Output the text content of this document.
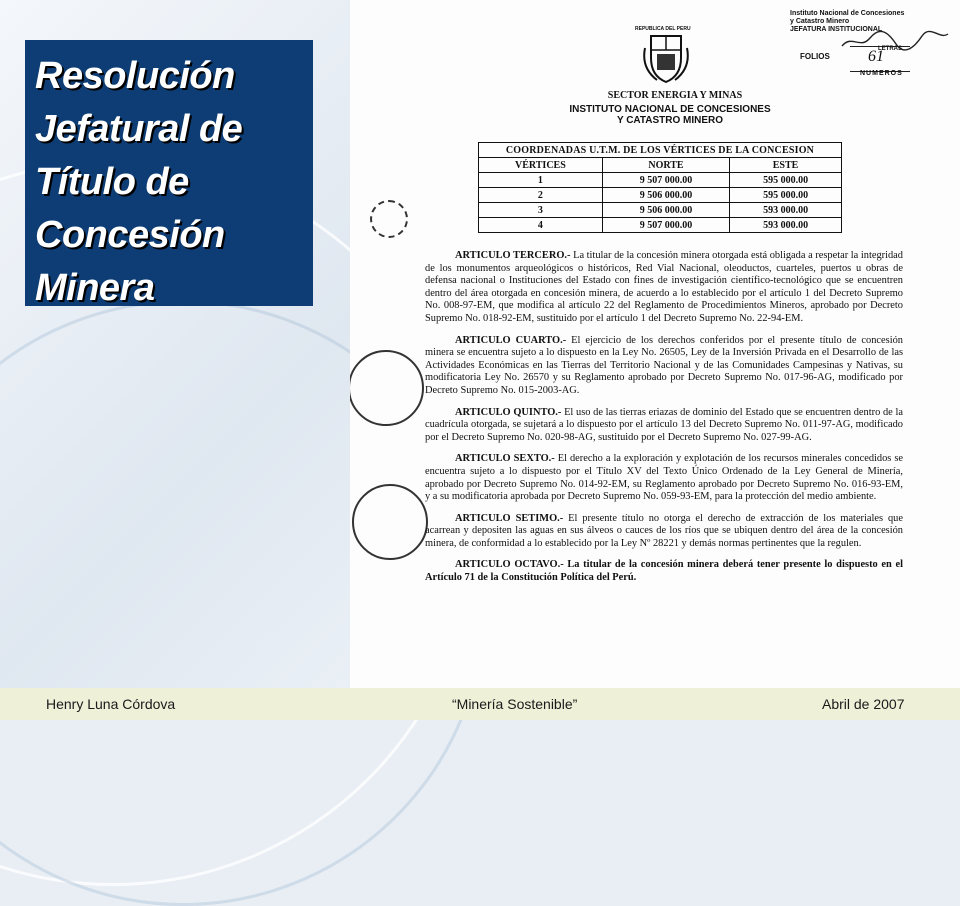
Resolución Jefatural de Título de Concesión Minera
Instituto Nacional de Concesiones
y Catastro Minero
JEFATURA INSTITUCIONAL
FOLIOS
LETRAS
61
NUMEROS
REPUBLICA DEL PERU
SECTOR ENERGIA Y MINAS
INSTITUTO NACIONAL DE CONCESIONES
Y CATASTRO MINERO
COORDENADAS U.T.M. DE LOS VÉRTICES DE LA CONCESION		
VÉRTICES	NORTE	ESTE
1	9 507 000.00	595 000.00
2	9 506 000.00	595 000.00
3	9 506 000.00	593 000.00
4	9 507 000.00	593 000.00

ARTICULO TERCERO.- La titular de la concesión minera otorgada está obligada a respetar la integridad de los monumentos arqueológicos o históricos, Red Vial Nacional, oleoductos, cuarteles, puertos u obras de defensa nacional o Instituciones del Estado con fines de investigación científico-tecnológico que se encuentren dentro del área otorgada en concesión minera, de acuerdo a lo establecido por el artículo 1 del Decreto Supremo No. 008-97-EM, que modifica al artículo 22 del Reglamento de Procedimientos Mineros, aprobado por Decreto Supremo No. 018-92-EM, sustituido por el artículo 1 del Decreto Supremo No. 22-94-EM.

ARTICULO CUARTO.- El ejercicio de los derechos conferidos por el presente título de concesión minera se encuentra sujeto a lo dispuesto en la Ley No. 26505, Ley de la Inversión Privada en el Desarrollo de las Actividades Económicas en las Tierras del Territorio Nacional y de las Comunidades Campesinas y Nativas, su modificatoria Ley No. 26570 y su Reglamento aprobado por Decreto Supremo No. 017-96-AG, modificado por Decreto Supremo No. 015-2003-AG.

ARTICULO QUINTO.- El uso de las tierras eriazas de dominio del Estado que se encuentren dentro de la cuadrícula otorgada, se sujetará a lo dispuesto por el artículo 13 del Decreto Supremo No. 011-97-AG, modificado por el Decreto Supremo No. 020-98-AG, sustituido por el Decreto Supremo No. 027-99-AG.

ARTICULO SEXTO.- El derecho a la exploración y explotación de los recursos minerales concedidos se encuentra sujeto a lo dispuesto por el Título XV del Texto Único Ordenado de la Ley General de Minería, aprobado por Decreto Supremo No. 014-92-EM, su Reglamento aprobado por Decreto Supremo No. 016-93-EM, y a su modificatoria aprobada por Decreto Supremo No. 059-93-EM, para la protección del medio ambiente.

ARTICULO SETIMO.- El presente título no otorga el derecho de extracción de los materiales que acarrean y depositen las aguas en sus álveos o cauces de los ríos que se ubiquen dentro del área de la concesión minera, de conformidad a lo establecido por la Ley Nº 28221 y demás normas pertinentes que la regulen.

ARTICULO OCTAVO.- La titular de la concesión minera deberá tener presente lo dispuesto en el Artículo 71 de la Constitución Política del Perú.

Henry Luna Córdova	“Minería Sostenible”	Abril de 2007
